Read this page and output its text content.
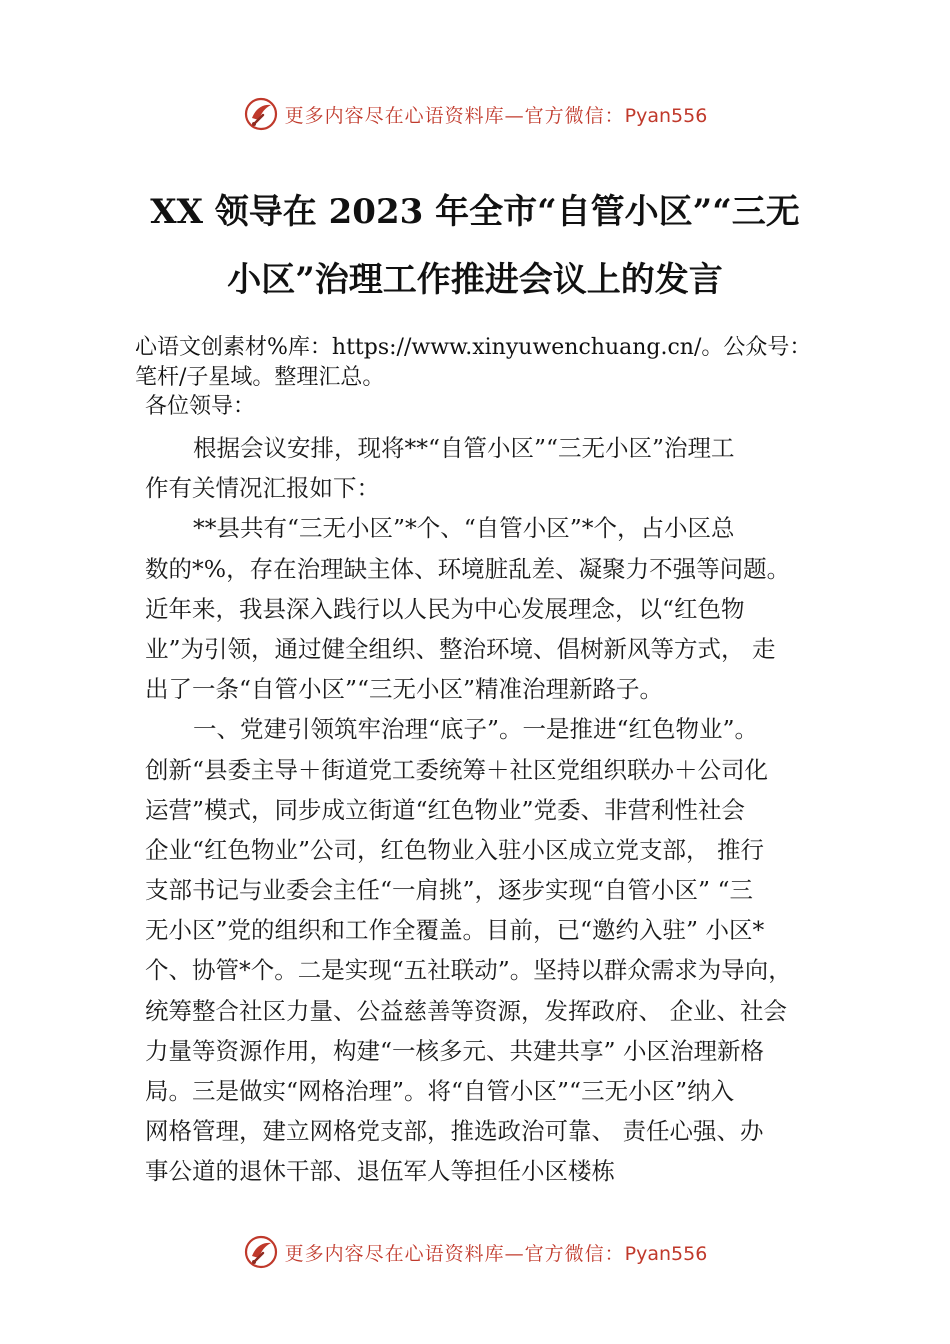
更多内容尽在心语资料库—官方微信：Pyan556
XX 领导在 2023 年全市“自管小区”“三无
小区”治理工作推进会议上的发言
心语文创素材%库：https://www.xinyuwenchuang.cn/。公众号：
笔杆/子星域。整理汇总。
各位领导：
根据会议安排，现将**“自管小区”“三无小区”治理工
作有关情况汇报如下：
**县共有“三无小区”*个、“自管小区”*个，占小区总
数的*%，存在治理缺主体、环境脏乱差、凝聚力不强等问题。
近年来，我县深入践行以人民为中心发展理念，以“红色物
业”为引领，通过健全组织、整治环境、倡树新风等方式， 走
出了一条“自管小区”“三无小区”精准治理新路子。
一、党建引领筑牢治理“底子”。一是推进“红色物业”。
创新“县委主导＋街道党工委统筹＋社区党组织联办＋公司化
运营”模式，同步成立街道“红色物业”党委、非营利性社会
企业“红色物业”公司，红色物业入驻小区成立党支部， 推行
支部书记与业委会主任“一肩挑”，逐步实现“自管小区” “三
无小区”党的组织和工作全覆盖。目前，已“邀约入驻” 小区*
个、协管*个。二是实现“五社联动”。坚持以群众需求为导向，
统筹整合社区力量、公益慈善等资源，发挥政府、 企业、社会
力量等资源作用，构建“一核多元、共建共享” 小区治理新格
局。三是做实“网格治理”。将“自管小区”“三无小区”纳入
网格管理，建立网格党支部，推选政治可靠、 责任心强、办
事公道的退休干部、退伍军人等担任小区楼栋
更多内容尽在心语资料库—官方微信：Pyan556
